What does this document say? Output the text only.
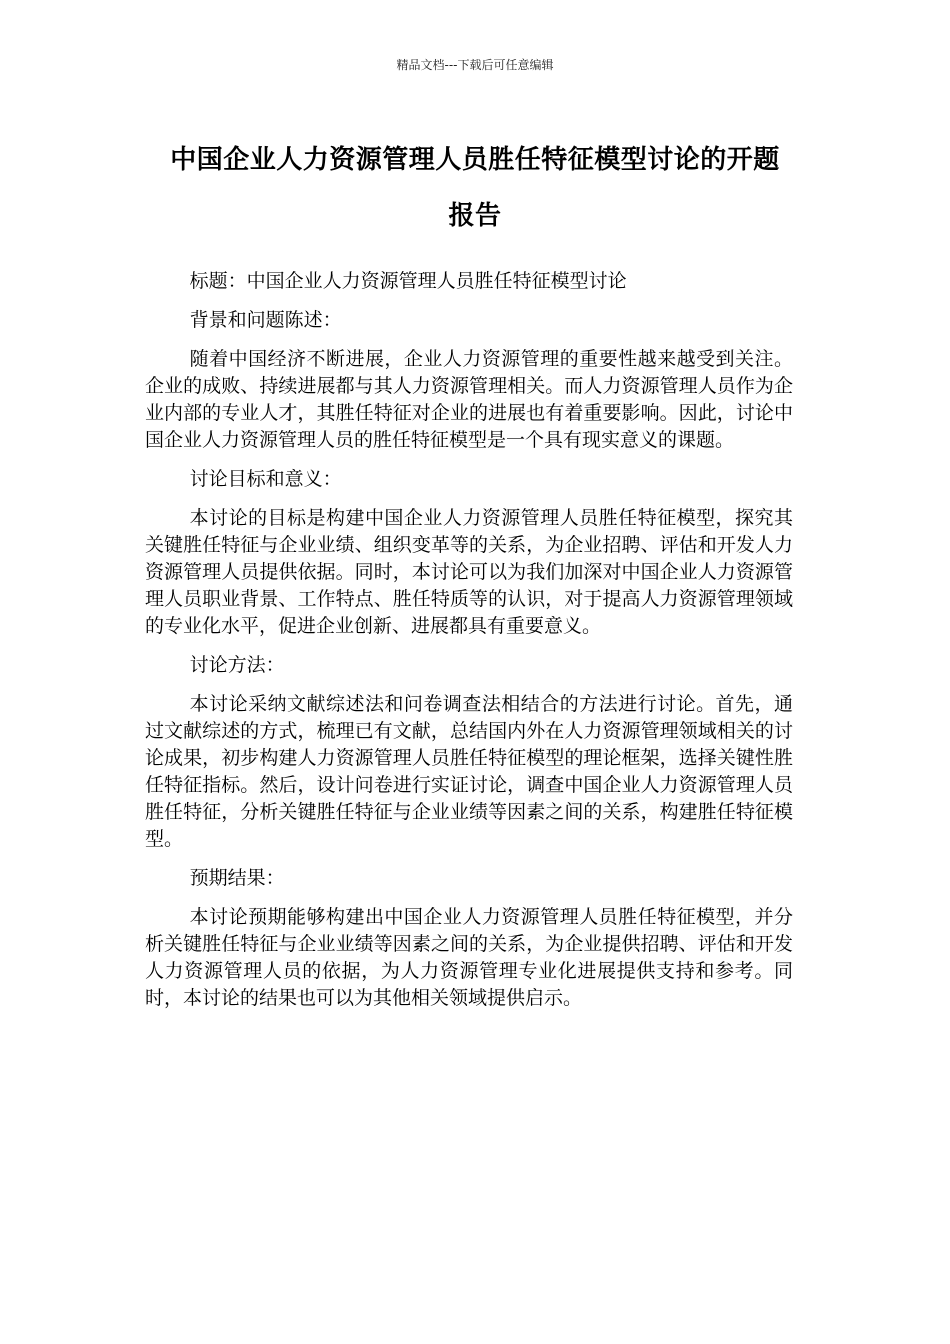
精品文档---下载后可任意编辑
中国企业人力资源管理人员胜任特征模型讨论的开题
报告

标题：中国企业人力资源管理人员胜任特征模型讨论

背景和问题陈述：

随着中国经济不断进展，企业人力资源管理的重要性越来越受到关注。企业的成败、持续进展都与其人力资源管理相关。而人力资源管理人员作为企业内部的专业人才，其胜任特征对企业的进展也有着重要影响。因此，讨论中国企业人力资源管理人员的胜任特征模型是一个具有现实意义的课题。

讨论目标和意义：

本讨论的目标是构建中国企业人力资源管理人员胜任特征模型，探究其关键胜任特征与企业业绩、组织变革等的关系，为企业招聘、评估和开发人力资源管理人员提供依据。同时，本讨论可以为我们加深对中国企业人力资源管理人员职业背景、工作特点、胜任特质等的认识，对于提高人力资源管理领域的专业化水平，促进企业创新、进展都具有重要意义。

讨论方法：

本讨论采纳文献综述法和问卷调查法相结合的方法进行讨论。首先，通过文献综述的方式，梳理已有文献，总结国内外在人力资源管理领域相关的讨论成果，初步构建人力资源管理人员胜任特征模型的理论框架，选择关键性胜任特征指标。然后，设计问卷进行实证讨论，调查中国企业人力资源管理人员胜任特征，分析关键胜任特征与企业业绩等因素之间的关系，构建胜任特征模型。

预期结果：

本讨论预期能够构建出中国企业人力资源管理人员胜任特征模型，并分析关键胜任特征与企业业绩等因素之间的关系，为企业提供招聘、评估和开发人力资源管理人员的依据，为人力资源管理专业化进展提供支持和参考。同时，本讨论的结果也可以为其他相关领域提供启示。
